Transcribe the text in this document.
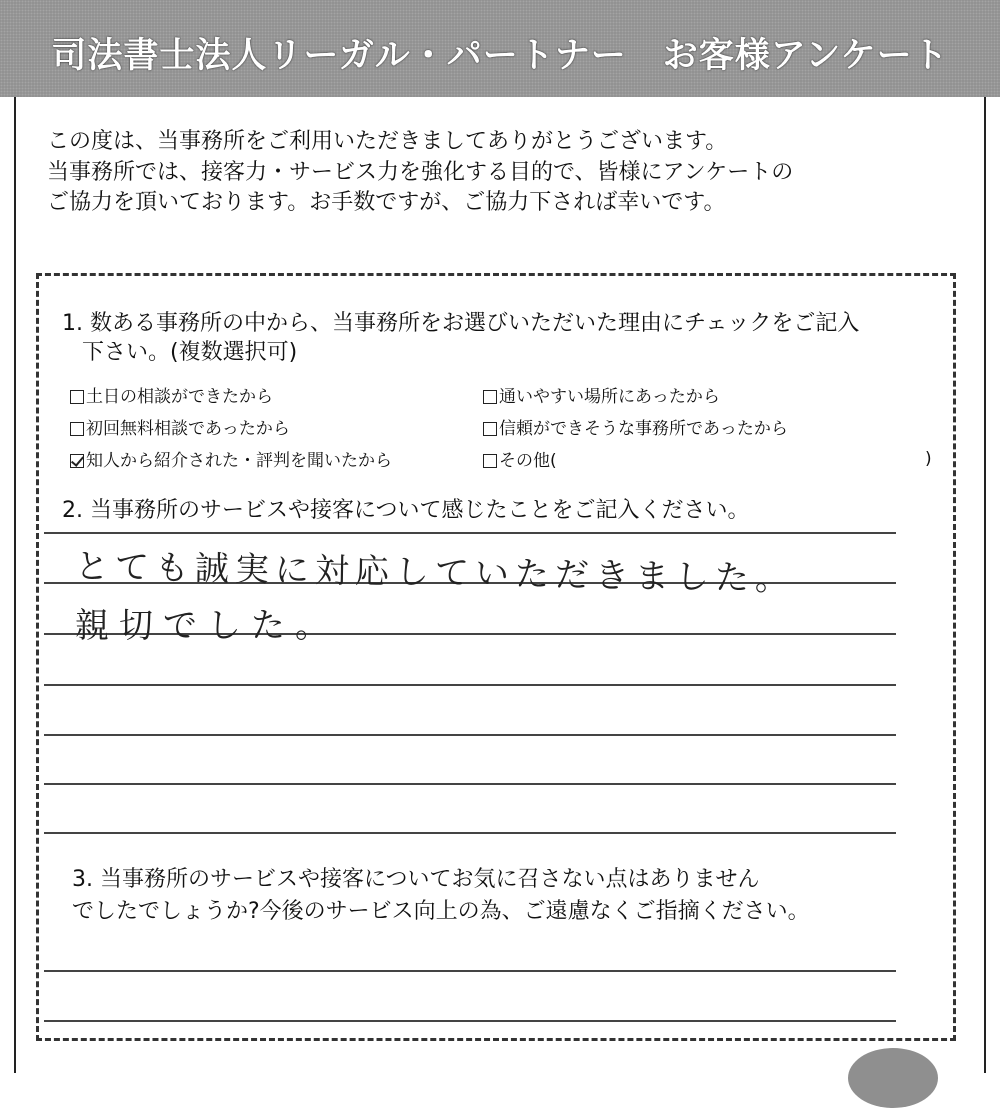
司法書士法人リーガル・パートナー お客様アンケート
この度は、当事務所をご利用いただきましてありがとうございます。
当事務所では、接客力・サービス力を強化する目的で、皆様にアンケートの
ご協力を頂いております。お手数ですが、ご協力下されば幸いです。
1. 数ある事務所の中から、当事務所をお選びいただいた理由にチェックをご記入
下さい。(複数選択可)
土日の相談ができたから	通いやすい場所にあったから
初回無料相談であったから	信頼ができそうな事務所であったから
知人から紹介された・評判を聞いたから	その他(	)
2. 当事務所のサービスや接客について感じたことをご記入ください。
とても誠実に対応していただきました。
親切でした。
3. 当事務所のサービスや接客についてお気に召さない点はありません
でしたでしょうか?今後のサービス向上の為、ご遠慮なくご指摘ください。
